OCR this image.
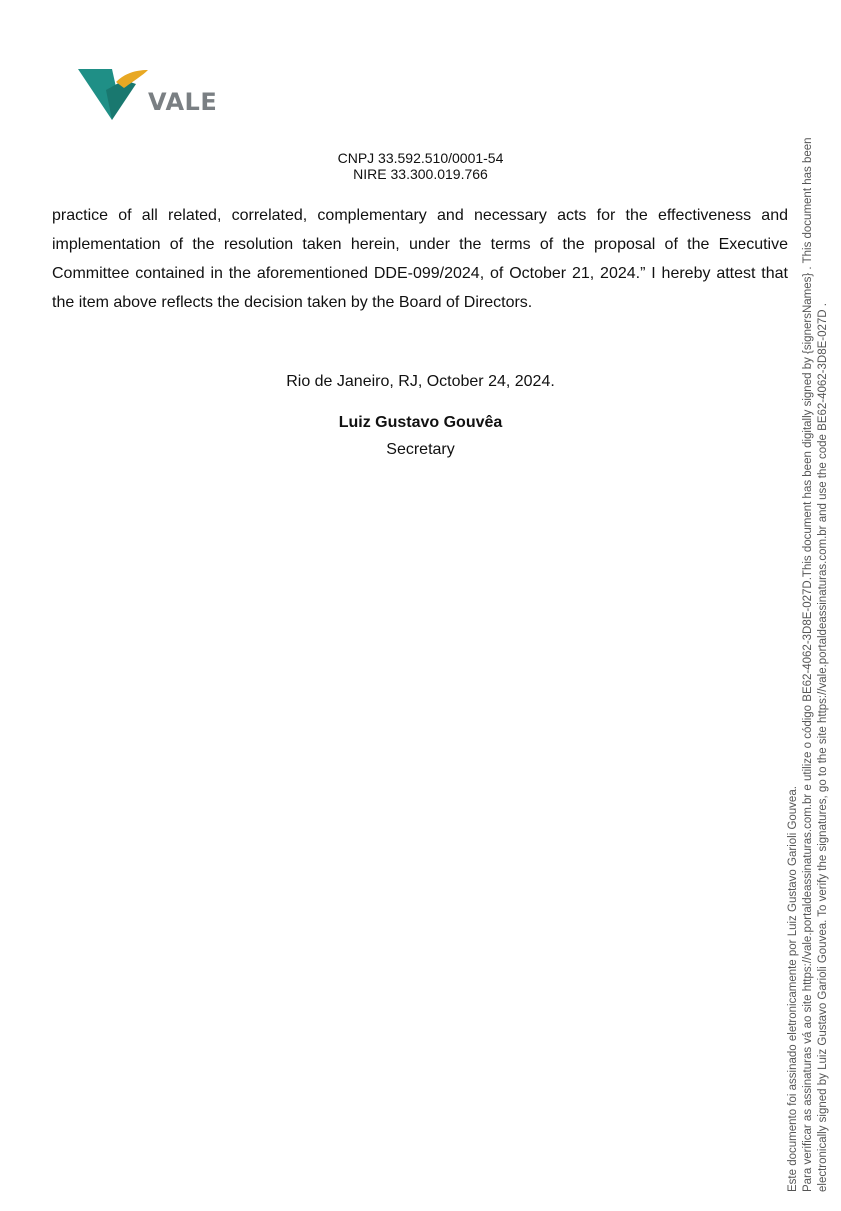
VALE
CNPJ 33.592.510/0001-54
NIRE 33.300.019.766
practice of all related, correlated, complementary and necessary acts for the effectiveness and implementation of the resolution taken herein, under the terms of the proposal of the Executive Committee contained in the aforementioned DDE-099/2024, of October 21, 2024.” I hereby attest that the item above reflects the decision taken by the Board of Directors.
Rio de Janeiro, RJ, October 24, 2024.
Luiz Gustavo Gouvêa
Secretary
Este documento foi assinado eletronicamente por Luiz Gustavo Garioli Gouvea. Para verificar as assinaturas vá ao site https://vale.portaldeassinaturas.com.br e utilize o código BE62-4062-3D8E-027D.This document has been digitally signed by {signersNames} . This document has been electronically signed by Luiz Gustavo Garioli Gouvea. To verify the signatures, go to the site https://vale.portaldeassinaturas.com.br and use the code BE62-4062-3D8E-027D .
